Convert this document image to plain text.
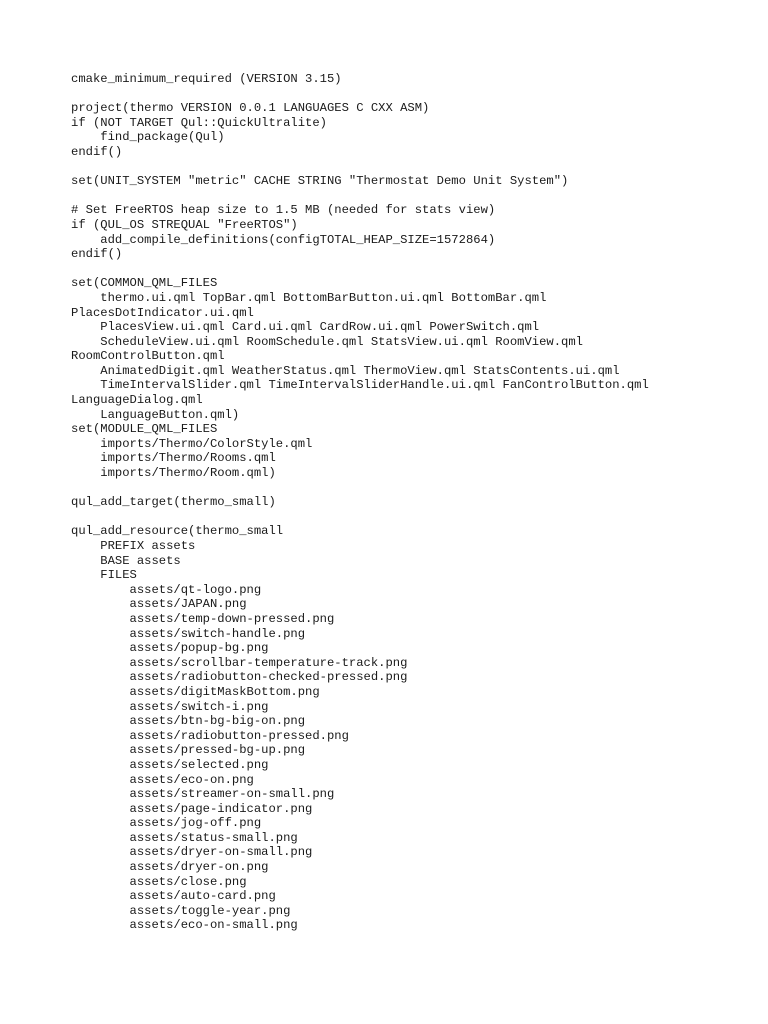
cmake_minimum_required (VERSION 3.15)
project(thermo VERSION 0.0.1 LANGUAGES C CXX ASM)
if (NOT TARGET Qul::QuickUltralite)
find_package(Qul)
endif()
set(UNIT_SYSTEM "metric" CACHE STRING "Thermostat Demo Unit System")
# Set FreeRTOS heap size to 1.5 MB (needed for stats view)
if (QUL_OS STREQUAL "FreeRTOS")
add_compile_definitions(configTOTAL_HEAP_SIZE=1572864)
endif()
set(COMMON_QML_FILES
thermo.ui.qml TopBar.qml BottomBarButton.ui.qml BottomBar.qml
PlacesDotIndicator.ui.qml
PlacesView.ui.qml Card.ui.qml CardRow.ui.qml PowerSwitch.qml
ScheduleView.ui.qml RoomSchedule.qml StatsView.ui.qml RoomView.qml
RoomControlButton.qml
AnimatedDigit.qml WeatherStatus.qml ThermoView.qml StatsContents.ui.qml
TimeIntervalSlider.qml TimeIntervalSliderHandle.ui.qml FanControlButton.qml
LanguageDialog.qml
LanguageButton.qml)
set(MODULE_QML_FILES
imports/Thermo/ColorStyle.qml
imports/Thermo/Rooms.qml
imports/Thermo/Room.qml)
qul_add_target(thermo_small)
qul_add_resource(thermo_small
PREFIX assets
BASE assets
FILES
assets/qt-logo.png
assets/JAPAN.png
assets/temp-down-pressed.png
assets/switch-handle.png
assets/popup-bg.png
assets/scrollbar-temperature-track.png
assets/radiobutton-checked-pressed.png
assets/digitMaskBottom.png
assets/switch-i.png
assets/btn-bg-big-on.png
assets/radiobutton-pressed.png
assets/pressed-bg-up.png
assets/selected.png
assets/eco-on.png
assets/streamer-on-small.png
assets/page-indicator.png
assets/jog-off.png
assets/status-small.png
assets/dryer-on-small.png
assets/dryer-on.png
assets/close.png
assets/auto-card.png
assets/toggle-year.png
assets/eco-on-small.png
